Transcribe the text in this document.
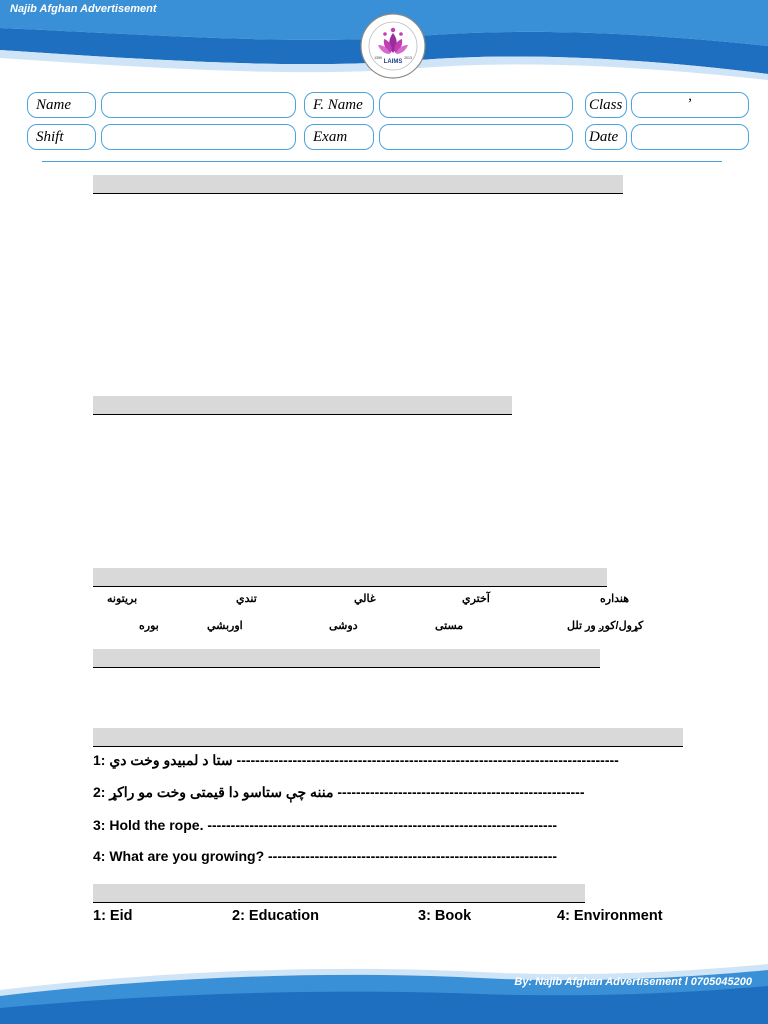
Najib Afghan Advertisement
LAIMS
1399	2013
Name	F. Name	Class	’
Shift	Exam	Date
بریتونه	تندي	غالي	آختري	هنداره
بوره	اوربشي	دوشی	مستی	کړول/کوږ ور تلل
1: ستا د لمبیدو وخت دي ----------------------------------------------------------------------------------
2: مننه چې ستاسو دا قیمتی وخت مو راکړ -----------------------------------------------------
3: Hold the rope. ---------------------------------------------------------------------------
4: What are you growing? --------------------------------------------------------------
1: Eid	2: Education	3: Book	4: Environment
By: Najib Afghan Advertisement l 0705045200
